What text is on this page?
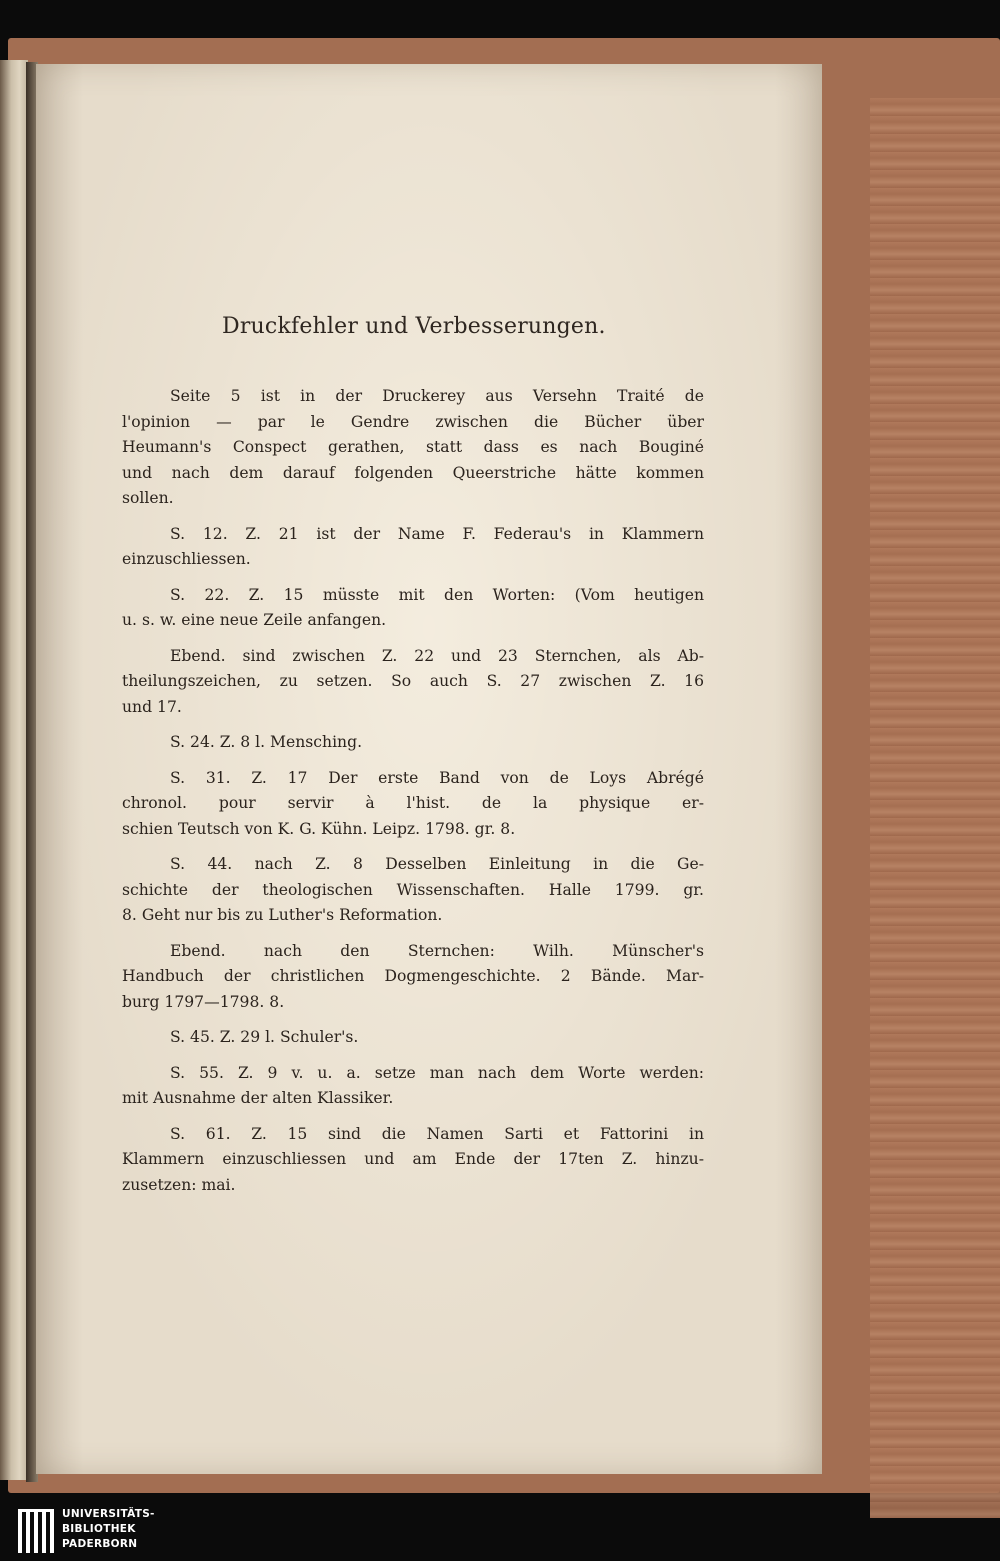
Druckfehler und Verbesserungen.
Seite 5 ist in der Druckerey aus Versehn Traité de
l'opinion — par le Gendre zwischen die Bücher über
Heumann's Conspect gerathen, statt dass es nach Bouginé
und nach dem darauf folgenden Queerstriche hätte kommen
sollen.
S. 12. Z. 21 ist der Name F. Federau's in Klammern
einzuschliessen.
S. 22. Z. 15 müsste mit den Worten: (Vom heutigen
u. s. w. eine neue Zeile anfangen.
Ebend. sind zwischen Z. 22 und 23 Sternchen, als Ab-
theilungszeichen, zu setzen. So auch S. 27 zwischen Z. 16
und 17.
S. 24. Z. 8 l. Mensching.
S. 31. Z. 17 Der erste Band von de Loys Abrégé
chronol. pour servir à l'hist. de la physique er-
schien Teutsch von K. G. Kühn. Leipz. 1798. gr. 8.
S. 44. nach Z. 8 Desselben Einleitung in die Ge-
schichte der theologischen Wissenschaften. Halle 1799. gr.
8. Geht nur bis zu Luther's Reformation.
Ebend. nach den Sternchen: Wilh. Münscher's
Handbuch der christlichen Dogmengeschichte. 2 Bände. Mar-
burg 1797—1798. 8.
S. 45. Z. 29 l. Schuler's.
S. 55. Z. 9 v. u. a. setze man nach dem Worte werden:
mit Ausnahme der alten Klassiker.
S. 61. Z. 15 sind die Namen Sarti et Fattorini in
Klammern einzuschliessen und am Ende der 17ten Z. hinzu-
zusetzen: mai.
UNIVERSITÄTS-
BIBLIOTHEK
PADERBORN
